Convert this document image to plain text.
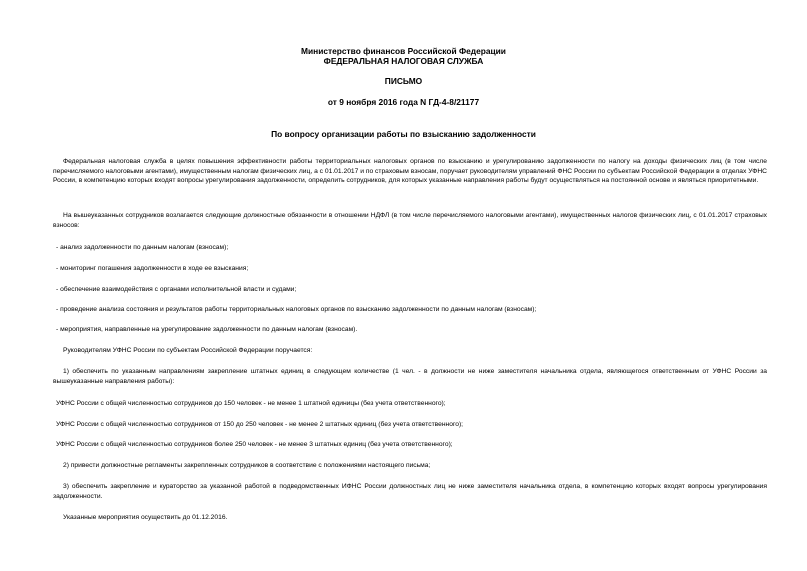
Министерство финансов Российской Федерации
ФЕДЕРАЛЬНАЯ НАЛОГОВАЯ СЛУЖБА
ПИСЬМО
от 9 ноября 2016 года N ГД-4-8/21177
По вопросу организации работы по взысканию задолженности
Федеральная налоговая служба в целях повышения эффективности работы территориальных налоговых органов по взысканию и урегулированию задолженности по налогу на доходы физических лиц (в том числе перечисляемого налоговыми агентами), имущественным налогам физических лиц, а с 01.01.2017 и по страховым взносам, поручает руководителям управлений ФНС России по субъектам Российской Федерации в отделах УФНС России, в компетенцию которых входят вопросы урегулирования задолженности, определить сотрудников, для которых указанные направления работы будут осуществляться на постоянной основе и являться приоритетными.
На вышеуказанных сотрудников возлагается следующие должностные обязанности в отношении НДФЛ (в том числе перечисляемого налоговыми агентами), имущественных налогов физических лиц, с 01.01.2017 страховых взносов:
- анализ задолженности по данным налогам (взносам);
- мониторинг погашения задолженности в ходе ее взыскания;
- обеспечение взаимодействия с органами исполнительной власти и судами;
- проведение анализа состояния и результатов работы территориальных налоговых органов по взысканию задолженности по данным налогам (взносам);
- мероприятия, направленные на урегулирование задолженности по данным налогам (взносам).
Руководителям УФНС России по субъектам Российской Федерации поручается:
1) обеспечить по указанным направлениям закрепление штатных единиц в следующем количестве (1 чел. - в должности не ниже заместителя начальника отдела, являющегося ответственным от УФНС России за вышеуказанные направления работы):
УФНС России с общей численностью сотрудников до 150 человек - не менее 1 штатной единицы (без учета ответственного);
УФНС России с общей численностью сотрудников от 150 до 250 человек - не менее 2 штатных единиц (без учета ответственного);
УФНС России с общей численностью сотрудников более 250 человек - не менее 3 штатных единиц (без учета ответственного);
2) привести должностные регламенты закрепленных сотрудников в соответствие с положениями настоящего письма;
3) обеспечить закрепление и кураторство за указанной работой в подведомственных ИФНС России должностных лиц не ниже заместителя начальника отдела, в компетенцию которых входят вопросы урегулирования задолженности.
Указанные мероприятия осуществить до 01.12.2016.
